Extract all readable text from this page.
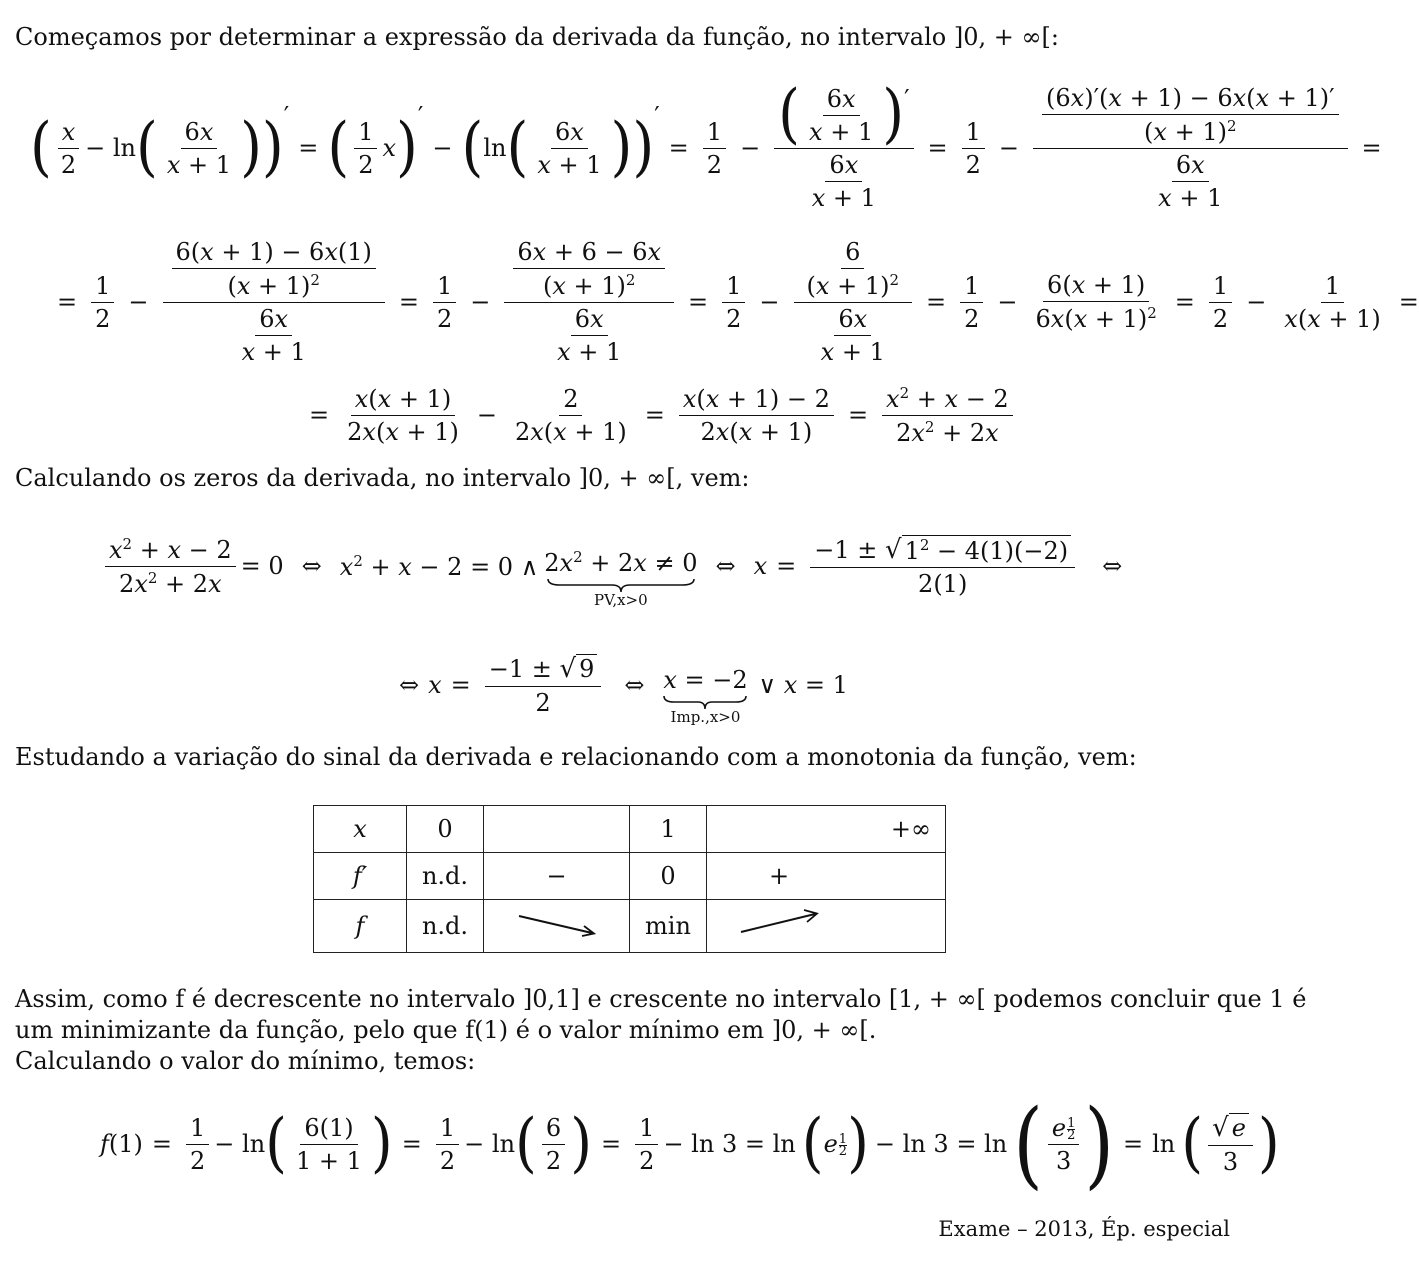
Começamos por determinar a expressão da derivada da função, no intervalo ]0, + ∞[:
( x
2
− ln ( 6x
x + 1 ) ) ′
= ( 1
2
x ) ′
− ( ln ( 6x
x + 1 ) ) ′
= $\frac{1}{2}$ − ( 6x
x + 1 ) ′
$\frac{6x}{x + 1} = \frac{1}{2} - \frac{\frac{(6x)'(x + 1) - 6x(x + 1)'}{(x + 1)^2}}{\frac{6x}{x + 1}}$ =
= $\frac{1}{2} - \frac{\frac{6(x + 1) - 6x(1)}{(x + 1)^2}}{\frac{6x}{x + 1}} = \frac{1}{2} - \frac{\frac{6x + 6 - 6x}{(x + 1)^2}}{\frac{6x}{x + 1}} = \frac{1}{2} - \frac{\frac{6}{(x + 1)^2}}{\frac{6x}{x + 1}} = \frac{1}{2} - \frac{6(x + 1)}{6x(x + 1)^2} = \frac{1}{2} - \frac{1}{x(x + 1)}$ =
= $\frac{x(x + 1)}{2x(x + 1)} - \frac{2}{2x(x + 1)} = \frac{x(x + 1) - 2}{2x(x + 1)} = \frac{x^2 + x - 2}{2x^2 + 2x}$
Calculando os zeros da derivada, no intervalo ]0, + ∞[, vem:
$\frac{x^2 + x - 2}{2x^2 + 2x} = 0$ ⇔ $x^2 + x - 2 = 0$ ∧ $2x^2 + 2x \ne 0$
PV,x>0
⇔ $x = \frac{-1 \pm √ 1^2 - 4(1)(-2)}{2(1)}$ ⇔
⇔ $x = \frac{-1 \pm √ 9}{2}$ ⇔ x = −2
Imp.,x>0
∨ x = 1
Estudando a variação do sinal da derivada e relacionando com a monotonia da função, vem:
x	0		1	+∞
f′	n.d.	−	0	+
f	n.d.		min	
Assim, como f é decrescente no intervalo ]0,1] e crescente no intervalo [1, + ∞[ podemos concluir que 1 é
um minimizante da função, pelo que f(1) é o valor mínimo em ]0, + ∞[.
Calculando o valor do mínimo, temos:
$f(1) = \frac{1}{2} - \ln$ ( 6(1)
1 + 1 ) = $\frac{1}{2} - \ln$ ( 6
2 ) = $\frac{1}{2} - \ln 3 = \ln$ ( e $\frac{1}{2}$ ) − ln 3 = ln ( e $\frac{1}{2}$
3 ) = ln ( √ e
3 )
Exame – 2013, Ép. especial
